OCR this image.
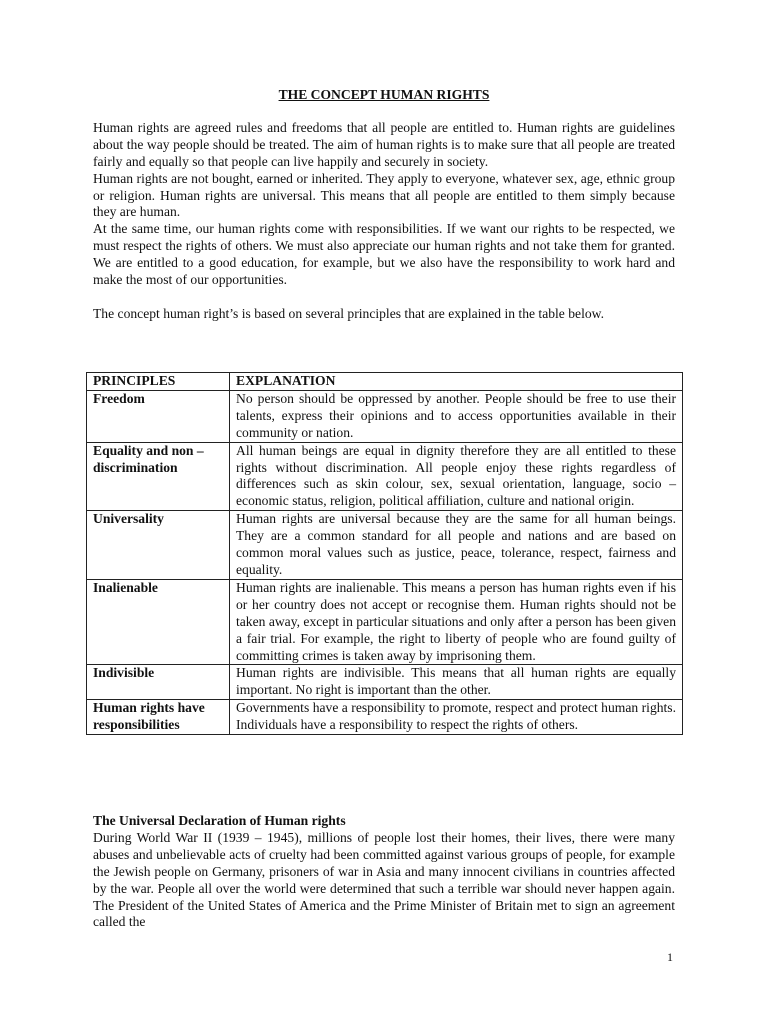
THE CONCEPT HUMAN RIGHTS

Human rights are agreed rules and freedoms that all people are entitled to. Human rights are guidelines about the way people should be treated. The aim of human rights is to make sure that all people are treated fairly and equally so that people can live happily and securely in society.

Human rights are not bought, earned or inherited. They apply to everyone, whatever sex, age, ethnic group or religion. Human rights are universal. This means that all people are entitled to them simply because they are human.

At the same time, our human rights come with responsibilities. If we want our rights to be respected, we must respect the rights of others. We must also appreciate our human rights and not take them for granted. We are entitled to a good education, for example, but we also have the responsibility to work hard and make the most of our opportunities.

The concept human right’s is based on several principles that are explained in the table below.

PRINCIPLES	EXPLANATION
Freedom	No person should be oppressed by another. People should be free to use their talents, express their opinions and to access opportunities available in their community or nation.
Equality and non – discrimination	All human beings are equal in dignity therefore they are all entitled to these rights without discrimination. All people enjoy these rights regardless of differences such as skin colour, sex, sexual orientation, language, socio – economic status, religion, political affiliation, culture and national origin.
Universality	Human rights are universal because they are the same for all human beings. They are a common standard for all people and nations and are based on common moral values such as justice, peace, tolerance, respect, fairness and equality.
Inalienable	Human rights are inalienable. This means a person has human rights even if his or her country does not accept or recognise them. Human rights should not be taken away, except in particular situations and only after a person has been given a fair trial. For example, the right to liberty of people who are found guilty of committing crimes is taken away by imprisoning them.
Indivisible	Human rights are indivisible. This means that all human rights are equally important. No right is important than the other.
Human rights have responsibilities	Governments have a responsibility to promote, respect and protect human rights. Individuals have a responsibility to respect the rights of others.
The Universal Declaration of Human rights

During World War II (1939 – 1945), millions of people lost their homes, their lives, there were many abuses and unbelievable acts of cruelty had been committed against various groups of people, for example the Jewish people on Germany, prisoners of war in Asia and many innocent civilians in countries affected by the war. People all over the world were determined that such a terrible war should never happen again. The President of the United States of America and the Prime Minister of Britain met to sign an agreement called the

1
